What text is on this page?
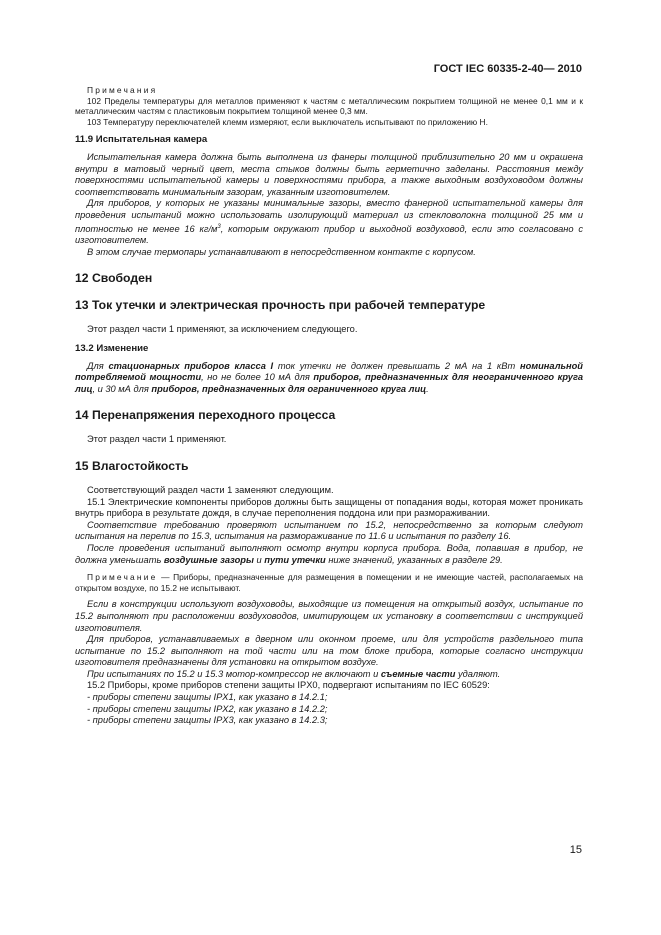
ГОСТ IEC 60335-2-40— 2010

Примечания

102 Пределы температуры для металлов применяют к частям с металлическим покрытием толщиной не менее 0,1 мм и к металлическим частям с пластиковым покрытием толщиной менее 0,3 мм.

103 Температуру переключателей клемм измеряют, если выключатель испытывают по приложению Н.

11.9 Испытательная камера

Испытательная камера должна быть выполнена из фанеры толщиной приблизительно 20 мм и окрашена внутри в матовый черный цвет, места стыков должны быть герметично заделаны. Расстояния между поверхностями испытательной камеры и поверхностями прибора, а также выходным воздуховодом должны соответствовать минимальным зазорам, указанным изготовителем.

Для приборов, у которых не указаны минимальные зазоры, вместо фанерной испытательной камеры для проведения испытаний можно использовать изолирующий материал из стекловолокна толщиной 25 мм и плотностью не менее 16 $кг/м^3$, которым окружают прибор и выходной воздуховод, если это согласовано с изготовителем.

В этом случае термопары устанавливают в непосредственном контакте с корпусом.

12 Свободен
13 Ток утечки и электрическая прочность при рабочей температуре

Этот раздел части 1 применяют, за исключением следующего.

13.2 Изменение

Для стационарных приборов класса I ток утечки не должен превышать 2 мА на 1 кВт номинальной потребляемой мощности, но не более 10 мА для приборов, предназначенных для неограниченного круга лиц, и 30 мА для приборов, предназначенных для ограниченного круга лиц.

14 Перенапряжения переходного процесса

Этот раздел части 1 применяют.

15 Влагостойкость

Соответствующий раздел части 1 заменяют следующим.

15.1 Электрические компоненты приборов должны быть защищены от попадания воды, которая может проникать внутрь прибора в результате дождя, в случае переполнения поддона или при размораживании.

Соответствие требованию проверяют испытанием по 15.2, непосредственно за которым следуют испытания на перелив по 15.3, испытания на размораживание по 11.6 и испытания по разделу 16.

После проведения испытаний выполняют осмотр внутри корпуса прибора. Вода, попавшая в прибор, не должна уменьшать воздушные зазоры и пути утечки ниже значений, указанных в разделе 29.

Примечание — Приборы, предназначенные для размещения в помещении и не имеющие частей, располагаемых на открытом воздухе, по 15.2 не испытывают.

Если в конструкции используют воздуховоды, выходящие из помещения на открытый воздух, испытание по 15.2 выполняют при расположении воздуховодов, имитирующем их установку в соответствии с инструкцией изготовителя.

Для приборов, устанавливаемых в дверном или оконном проеме, или для устройств раздельного типа испытание по 15.2 выполняют на той части или на том блоке прибора, которые согласно инструкции изготовителя предназначены для установки на открытом воздухе.

При испытаниях по 15.2 и 15.3 мотор-компрессор не включают и съемные части удаляют.

15.2 Приборы, кроме приборов степени защиты IPX0, подвергают испытаниям по IEC 60529:

- приборы степени защиты IPX1, как указано в 14.2.1;

- приборы степени защиты IPX2, как указано в 14.2.2;

- приборы степени защиты IPX3, как указано в 14.2.3;

15
